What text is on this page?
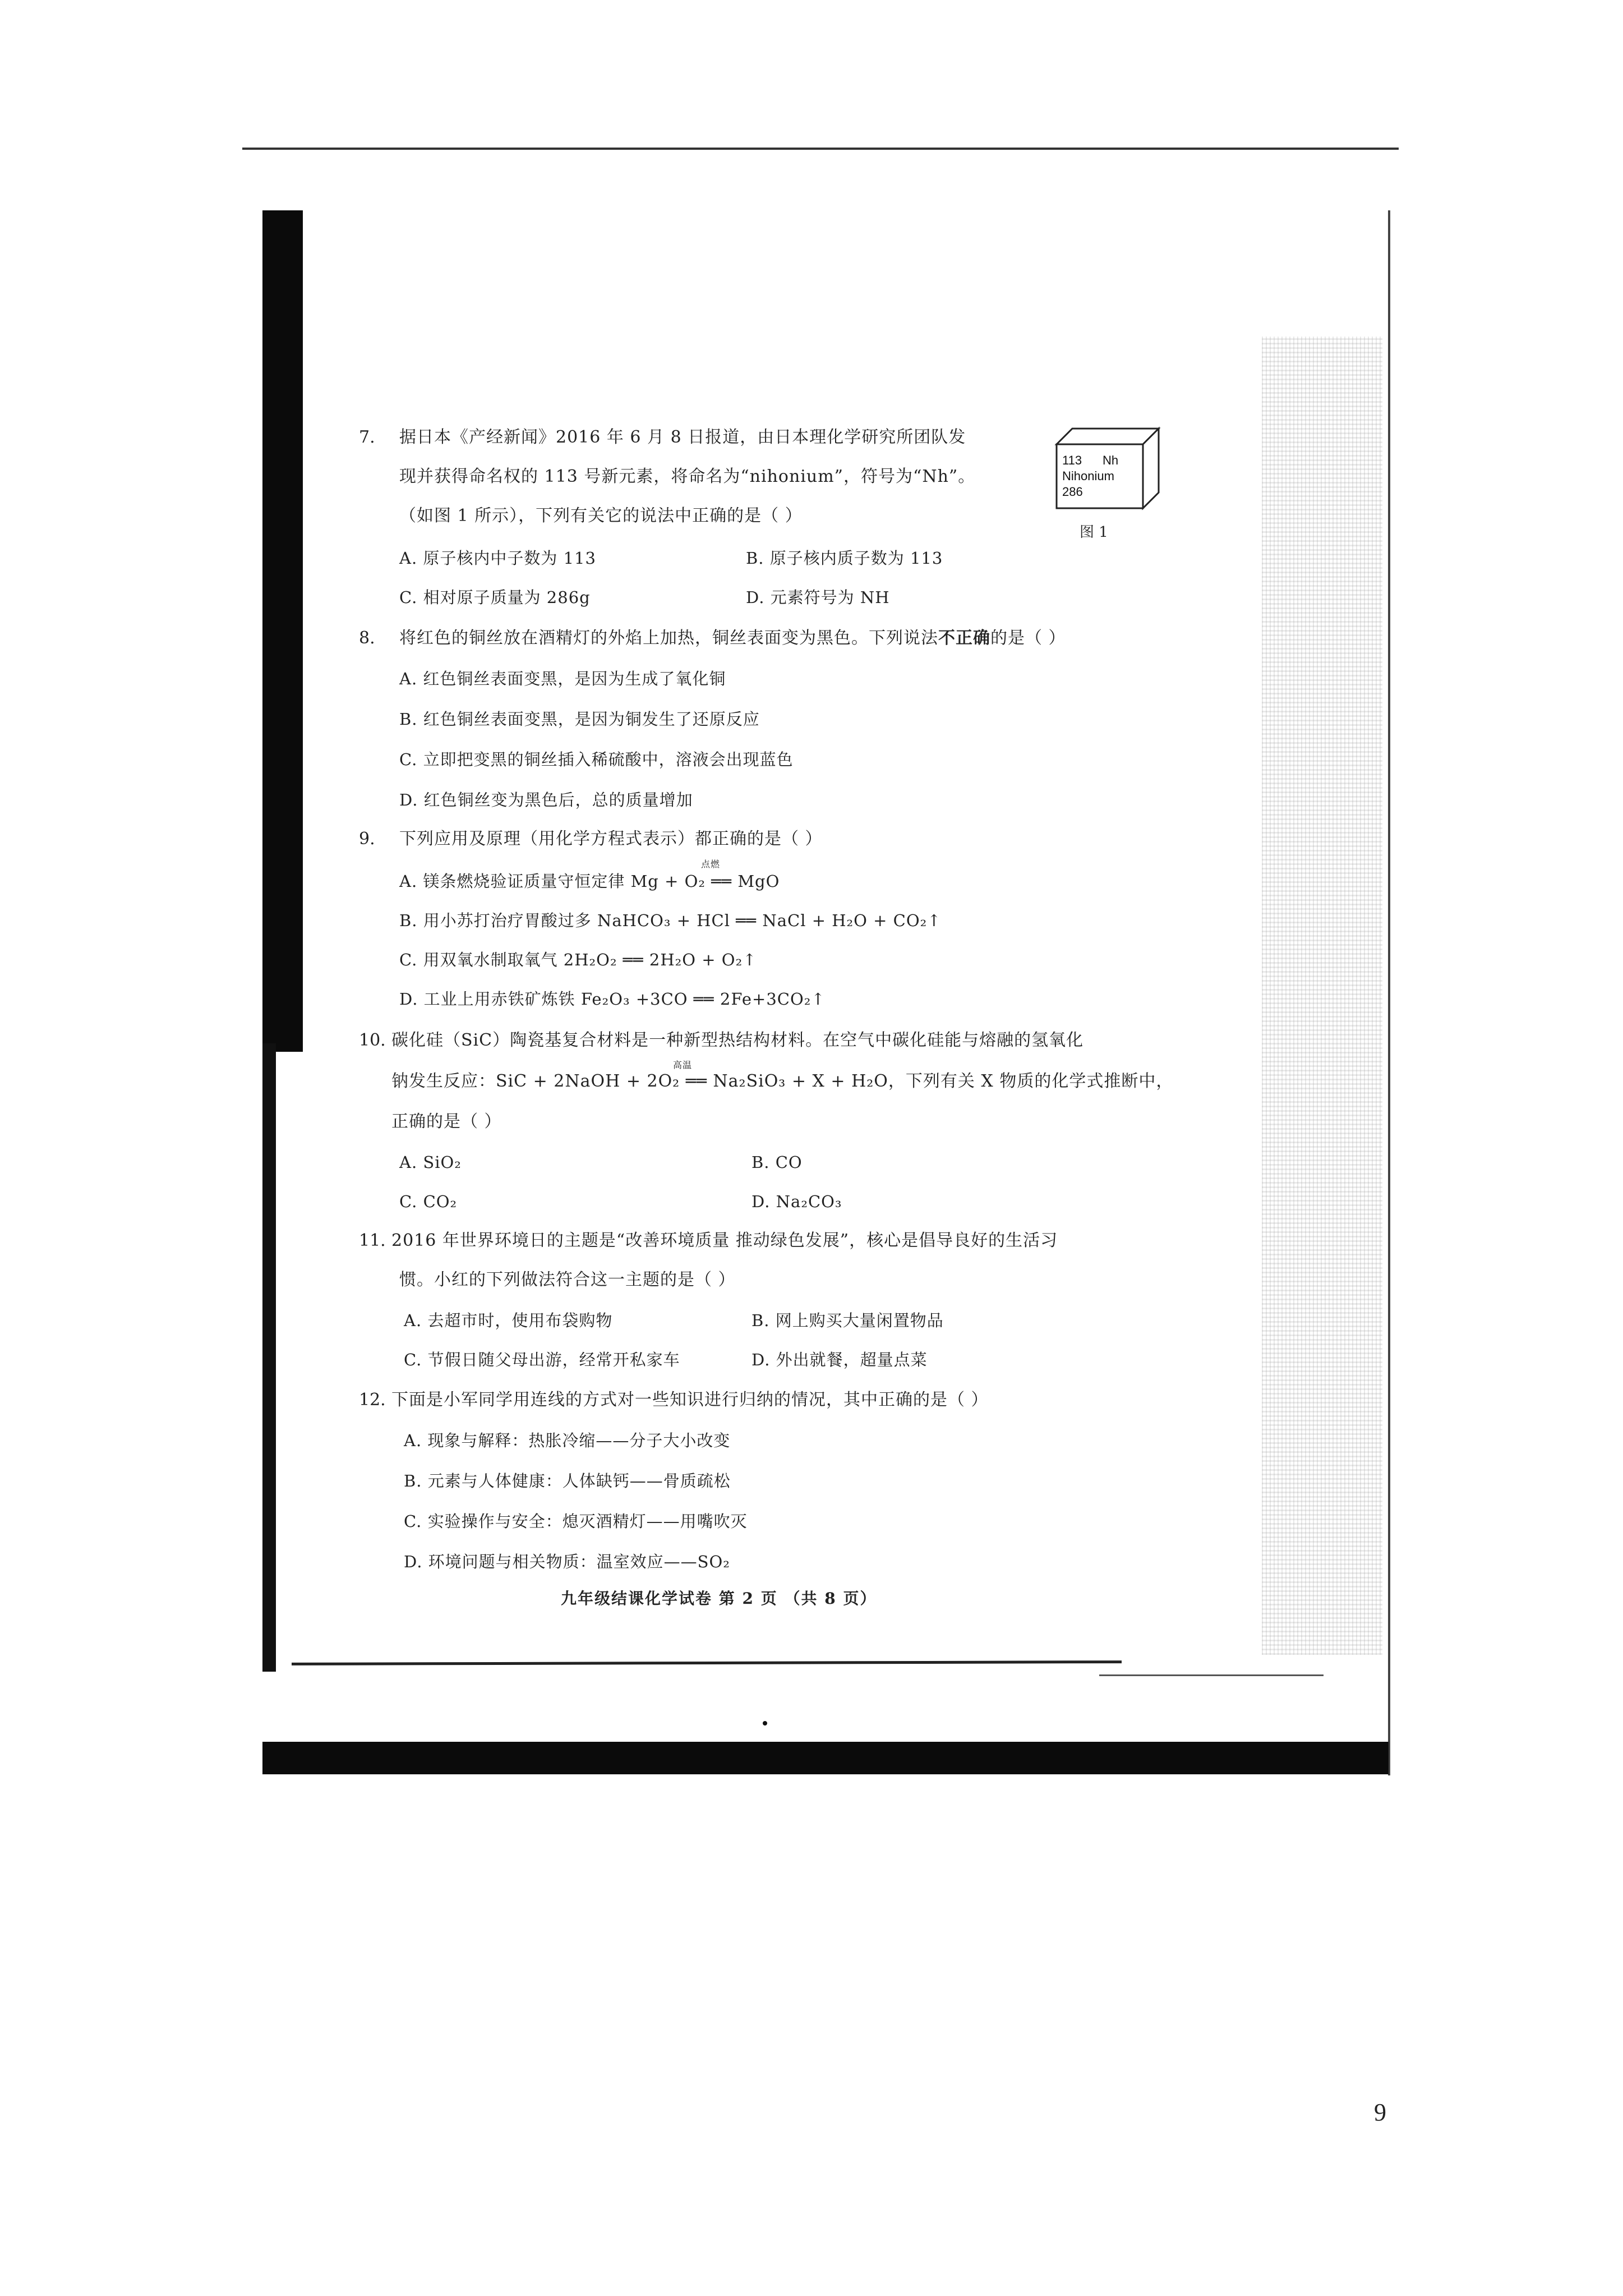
7. 据日本《产经新闻》2016 年 6 月 8 日报道，由日本理化学研究所团队发
现并获得命名权的 113 号新元素，将命名为“nihonium”，符号为“Nh”。
（如图 1 所示），下列有关它的说法中正确的是（ ）
A. 原子核内中子数为 113	B. 原子核内质子数为 113
C. 相对原子质量为 286g	D. 元素符号为 NH
113 Nh
Nihonium
286
图 1
8. 将红色的铜丝放在酒精灯的外焰上加热，铜丝表面变为黑色。下列说法不正确的是（ ）
A. 红色铜丝表面变黑，是因为生成了氧化铜
B. 红色铜丝表面变黑，是因为铜发生了还原反应
C. 立即把变黑的铜丝插入稀硫酸中，溶液会出现蓝色
D. 红色铜丝变为黑色后，总的质量增加
9. 下列应用及原理（用化学方程式表示）都正确的是（ ）
A. 镁条燃烧验证质量守恒定律 Mg + O₂ ══ MgO
点燃
B. 用小苏打治疗胃酸过多 NaHCO₃ + HCl ══ NaCl + H₂O + CO₂↑
C. 用双氧水制取氧气 2H₂O₂ ══ 2H₂O + O₂↑
D. 工业上用赤铁矿炼铁 Fe₂O₃ +3CO ══ 2Fe+3CO₂↑
10. 碳化硅（SiC）陶瓷基复合材料是一种新型热结构材料。在空气中碳化硅能与熔融的氢氧化
钠发生反应：SiC + 2NaOH + 2O₂ ══ Na₂SiO₃ + X + H₂O，下列有关 X 物质的化学式推断中，
高温
正确的是（ ）
A. SiO₂	B. CO
C. CO₂	D. Na₂CO₃
11. 2016 年世界环境日的主题是“改善环境质量 推动绿色发展”，核心是倡导良好的生活习
惯。小红的下列做法符合这一主题的是（ ）
A. 去超市时，使用布袋购物	B. 网上购买大量闲置物品
C. 节假日随父母出游，经常开私家车	D. 外出就餐，超量点菜
12. 下面是小军同学用连线的方式对一些知识进行归纳的情况，其中正确的是（ ）
A. 现象与解释：热胀冷缩——分子大小改变
B. 元素与人体健康：人体缺钙——骨质疏松
C. 实验操作与安全：熄灭酒精灯——用嘴吹灭
D. 环境问题与相关物质：温室效应——SO₂
九年级结课化学试卷 第 2 页 （共 8 页）
9
